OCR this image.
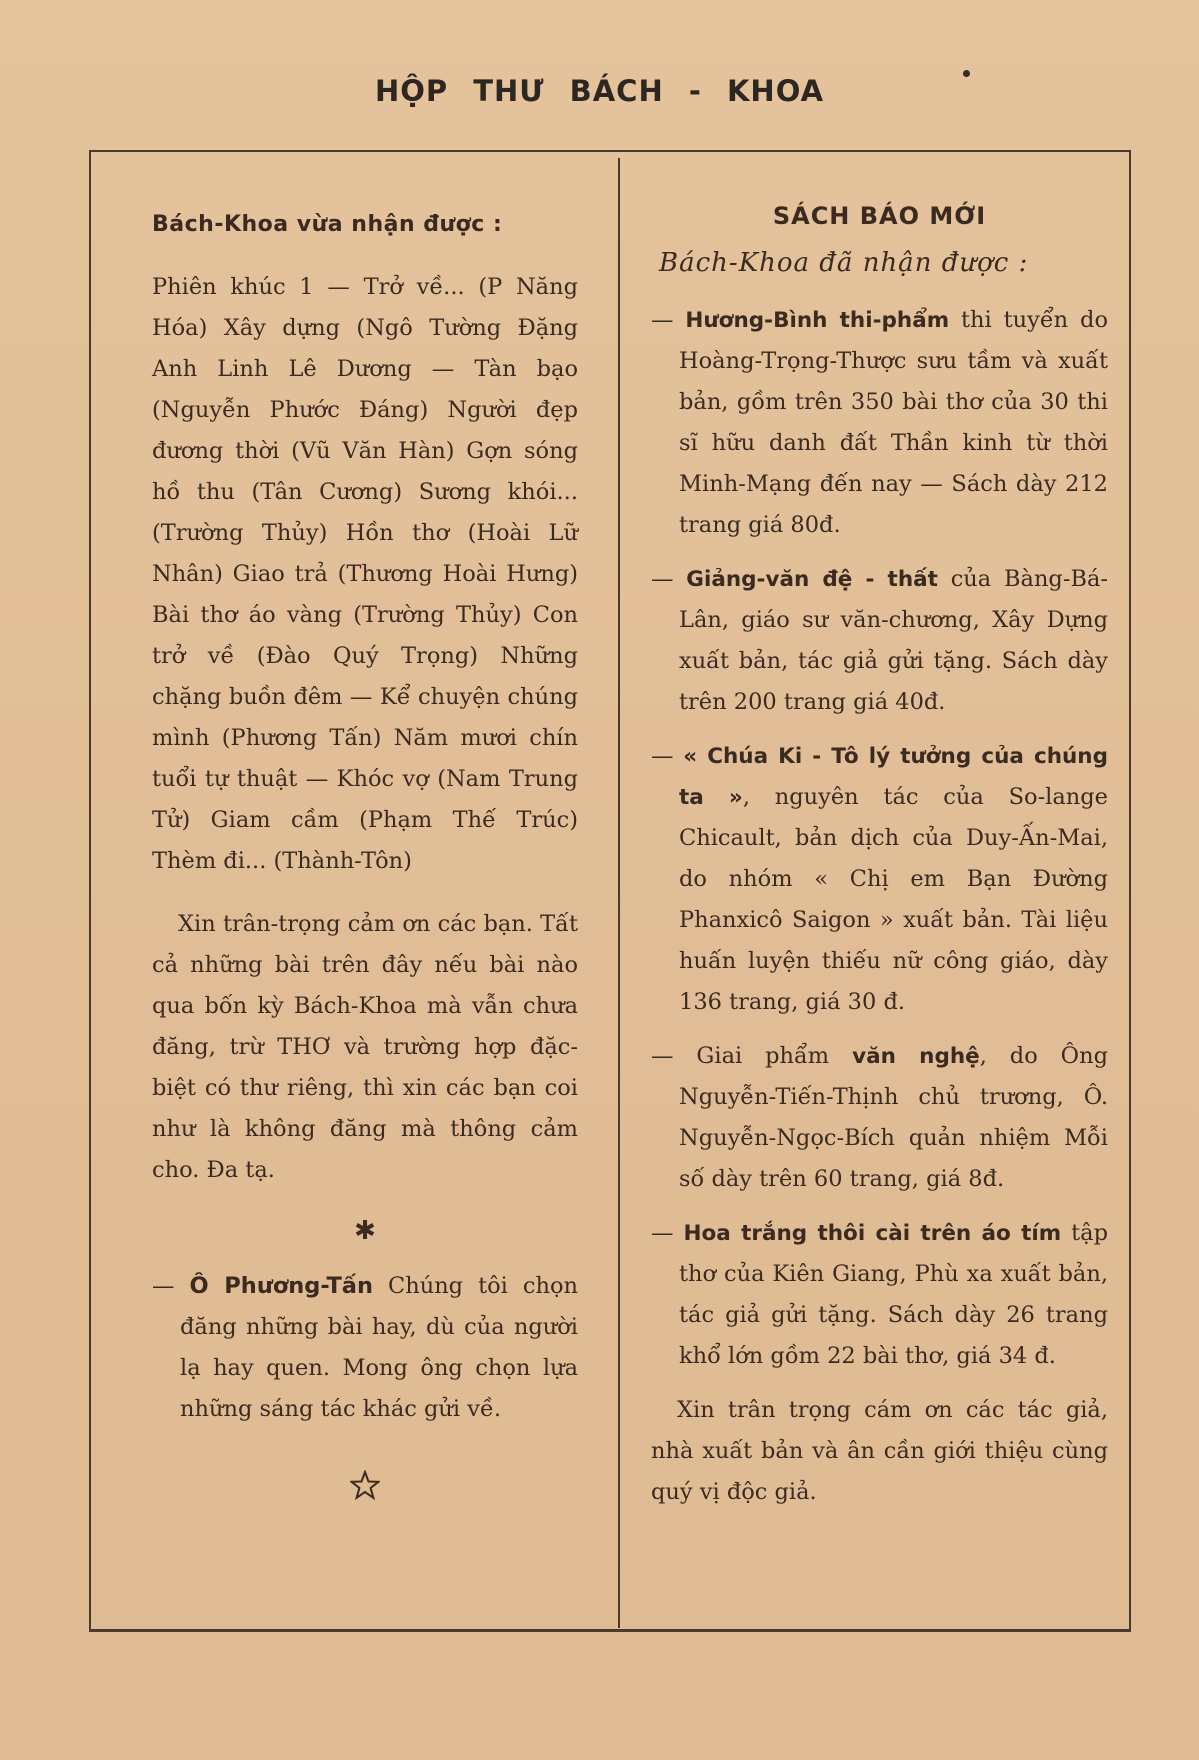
HỘP THƯ BÁCH - KHOA
Bách-Khoa vừa nhận được :

Phiên khúc 1 — Trở về... (P Năng Hóa) Xây dựng (Ngô Tường Đặng Anh Linh Lê Dương — Tàn bạo (Nguyễn Phước Đáng) Người đẹp đương thời (Vũ Văn Hàn) Gợn sóng hồ thu (Tân Cương) Sương khói... (Trường Thủy) Hồn thơ (Hoài Lữ Nhân) Giao trả (Thương Hoài Hưng) Bài thơ áo vàng (Trường Thủy) Con trở về (Đào Quý Trọng) Những chặng buồn đêm — Kể chuyện chúng mình (Phương Tấn) Năm mươi chín tuổi tự thuật — Khóc vợ (Nam Trung Tử) Giam cầm (Phạm Thế Trúc) Thèm đi... (Thành-Tôn)

Xin trân-trọng cảm ơn các bạn. Tất cả những bài trên đây nếu bài nào qua bốn kỳ Bách-Khoa mà vẫn chưa đăng, trừ THƠ và trường hợp đặc-biệt có thư riêng, thì xin các bạn coi như là không đăng mà thông cảm cho. Đa tạ.

✱

— Ô Phương-Tấn Chúng tôi chọn đăng những bài hay, dù của người lạ hay quen. Mong ông chọn lựa những sáng tác khác gửi về.

SÁCH BÁO MỚI
Bách-Khoa đã nhận được :

— Hương-Bình thi-phẩm thi tuyển do Hoàng-Trọng-Thược sưu tầm và xuất bản, gồm trên 350 bài thơ của 30 thi sĩ hữu danh đất Thần kinh từ thời Minh-Mạng đến nay — Sách dày 212 trang giá 80đ.

— Giảng-văn đệ - thất của Bàng-Bá-Lân, giáo sư văn-chương, Xây Dựng xuất bản, tác giả gửi tặng. Sách dày trên 200 trang giá 40đ.

— « Chúa Ki - Tô lý tưởng của chúng ta », nguyên tác của So-lange Chicault, bản dịch của Duy-Ấn-Mai, do nhóm « Chị em Bạn Đường Phanxicô Saigon » xuất bản. Tài liệu huấn luyện thiếu nữ công giáo, dày 136 trang, giá 30 đ.

— Giai phẩm văn nghệ, do Ông Nguyễn-Tiến-Thịnh chủ trương, Ô. Nguyễn-Ngọc-Bích quản nhiệm Mỗi số dày trên 60 trang, giá 8đ.

— Hoa trắng thôi cài trên áo tím tập thơ của Kiên Giang, Phù xa xuất bản, tác giả gửi tặng. Sách dày 26 trang khổ lớn gồm 22 bài thơ, giá 34 đ.

Xin trân trọng cám ơn các tác giả, nhà xuất bản và ân cần giới thiệu cùng quý vị độc giả.
